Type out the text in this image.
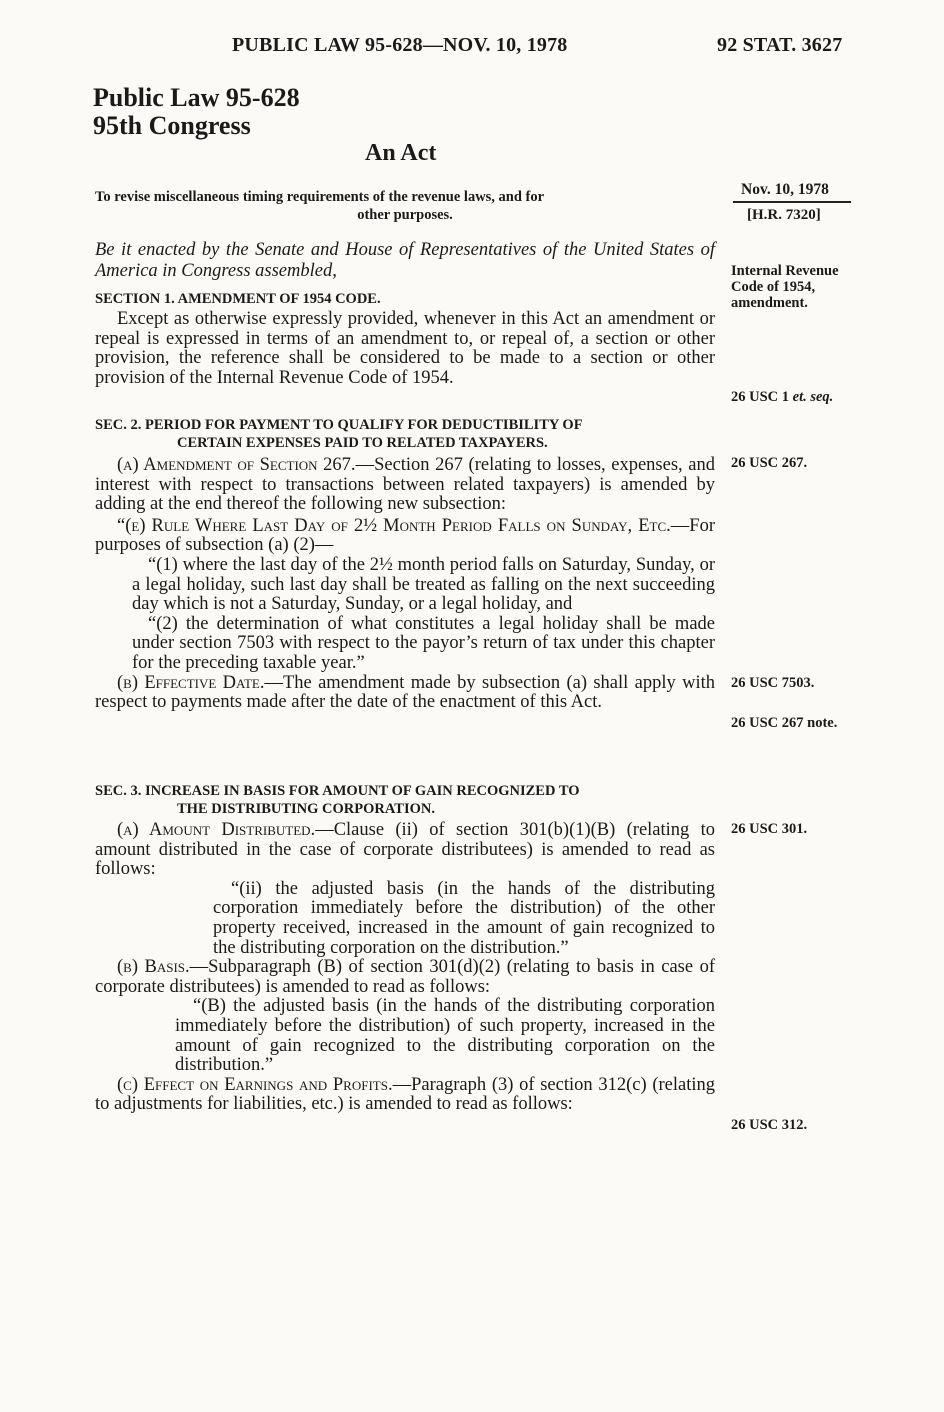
PUBLIC LAW 95-628—NOV. 10, 1978	92 STAT. 3627
Public Law 95-628
95th Congress
An Act
To revise miscellaneous timing requirements of the revenue laws, and for
other purposes.
Nov. 10, 1978
[H.R. 7320]
Be it enacted by the Senate and House of Representatives of the United States of America in Congress assembled,	Internal Revenue Code of 1954, amendment.
SECTION 1. AMENDMENT OF 1954 CODE.
Except as otherwise expressly provided, whenever in this Act an amendment or repeal is expressed in terms of an amendment to, or repeal of, a section or other provision, the reference shall be considered to be made to a section or other provision of the Internal Revenue Code of 1954.
26 USC 1 et. seq.
SEC. 2. PERIOD FOR PAYMENT TO QUALIFY FOR DEDUCTIBILITY OF
CERTAIN EXPENSES PAID TO RELATED TAXPAYERS.

(a) Amendment of Section 267.—Section 267 (relating to losses, expenses, and interest with respect to transactions between related taxpayers) is amended by adding at the end thereof the following new subsection:

“(e) Rule Where Last Day of 2½ Month Period Falls on Sunday, Etc.—For purposes of subsection (a) (2)—

“(1) where the last day of the 2½ month period falls on Saturday, Sunday, or a legal holiday, such last day shall be treated as falling on the next succeeding day which is not a Saturday, Sunday, or a legal holiday, and

“(2) the determination of what constitutes a legal holiday shall be made under section 7503 with respect to the payor’s return of tax under this chapter for the preceding taxable year.”

(b) Effective Date.—The amendment made by subsection (a) shall apply with respect to payments made after the date of the enactment of this Act.

26 USC 267.
26 USC 7503.
26 USC 267 note.
SEC. 3. INCREASE IN BASIS FOR AMOUNT OF GAIN RECOGNIZED TO
THE DISTRIBUTING CORPORATION.

(a) Amount Distributed.—Clause (ii) of section 301(b)(1)(B) (relating to amount distributed in the case of corporate distributees) is amended to read as follows:

“(ii) the adjusted basis (in the hands of the distributing corporation immediately before the distribution) of the other property received, increased in the amount of gain recognized to the distributing corporation on the distribution.”

(b) Basis.—Subparagraph (B) of section 301(d)(2) (relating to basis in case of corporate distributees) is amended to read as follows:

“(B) the adjusted basis (in the hands of the distributing corporation immediately before the distribution) of such property, increased in the amount of gain recognized to the distributing corporation on the distribution.”

(c) Effect on Earnings and Profits.—Paragraph (3) of section 312(c) (relating to adjustments for liabilities, etc.) is amended to read as follows:

26 USC 301.
26 USC 312.
